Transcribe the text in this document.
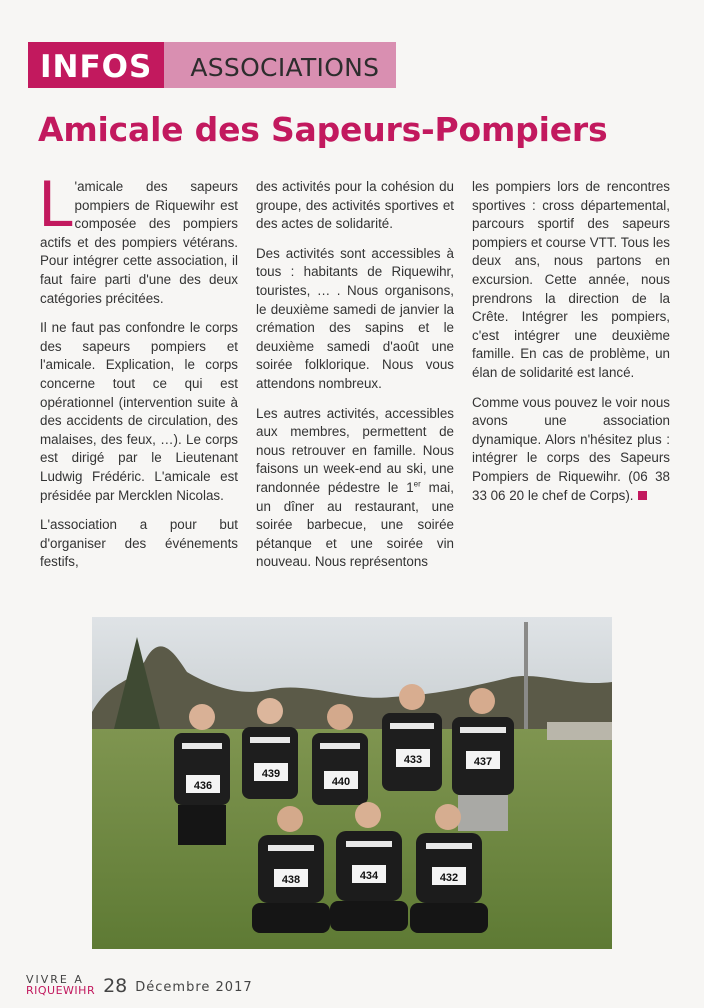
INFOS	ASSOCIATIONS
Amicale des Sapeurs-Pompiers

L 'amicale des sapeurs pompiers de Riquewihr est composée des pompiers actifs et des pompiers vétérans. Pour intégrer cette association, il faut faire parti d'une des deux catégories précitées.

Il ne faut pas confondre le corps des sapeurs pompiers et l'amicale. Explication, le corps concerne tout ce qui est opérationnel (intervention suite à des accidents de circulation, des malaises, des feux, …). Le corps est dirigé par le Lieutenant Ludwig Frédéric. L'amicale est présidée par Mercklen Nicolas.

L'association a pour but d'organiser des événements festifs,

des activités pour la cohésion du groupe, des activités sportives et des actes de solidarité.

Des activités sont accessibles à tous : habitants de Riquewihr, touristes, … . Nous organisons, le deuxième samedi de janvier la crémation des sapins et le deuxième samedi d'août une soirée folklorique. Nous vous attendons nombreux.

Les autres activités, accessibles aux membres, permettent de nous retrouver en famille. Nous faisons un week-end au ski, une randonnée pédestre le 1er mai, un dîner au restaurant, une soirée barbecue, une soirée pétanque et une soirée vin nouveau. Nous représentons

les pompiers lors de rencontres sportives : cross départemental, parcours sportif des sapeurs pompiers et course VTT. Tous les deux ans, nous partons en excursion. Cette année, nous prendrons la direction de la Crête. Intégrer les pompiers, c'est intégrer une deuxième famille. En cas de problème, un élan de solidarité est lancé.

Comme vous pouvez le voir nous avons une association dynamique. Alors n'hésitez plus : intégrer le corps des Sapeurs Pompiers de Riquewihr. (06 38 33 06 20 le chef de Corps).

436
439
440
433	437
438	434	432
VIVRE A
RIQUEWIHR 28 Décembre 2017
